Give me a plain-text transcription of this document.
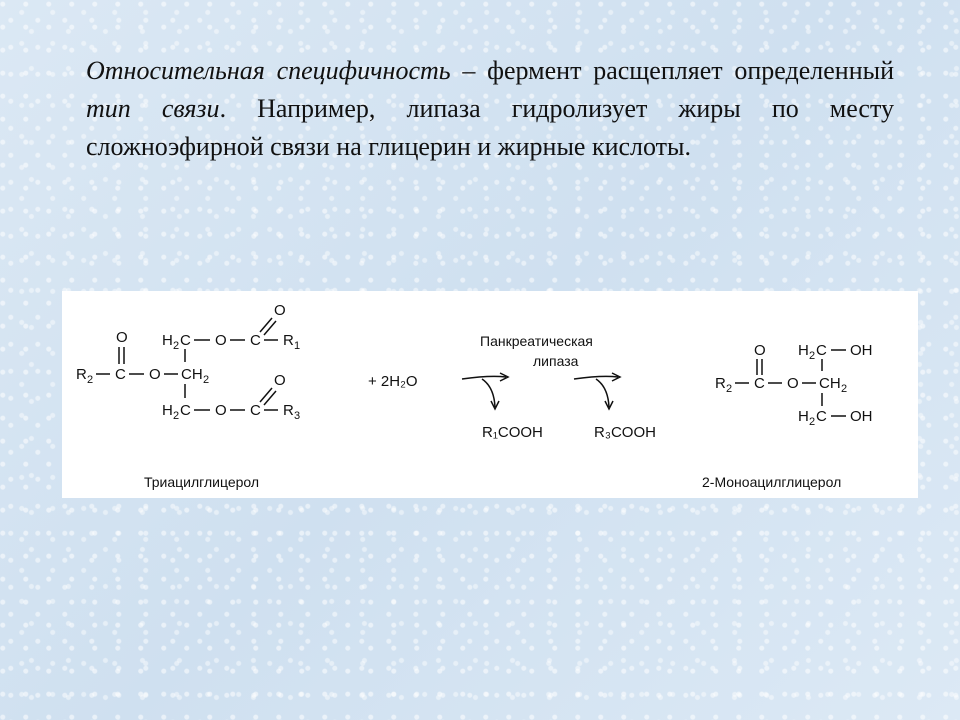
Относительная специфичность – фермент расщепляет определенный тип связи. Например, липаза гидролизует жиры по месту сложноэфирной связи на глицерин и жирные кислоты.
O
R 2 C O CH 2
H 2 C
H 2 C
O C
O
R 1
O C
O
R 3
+ 2H₂O
Панкреатическая
липаза
R₁COOH	R₃COOH
O
R 2 C O CH 2
H 2 C
H 2 C
OH
OH
Триацилглицерол	2-Моноацилглицерол
